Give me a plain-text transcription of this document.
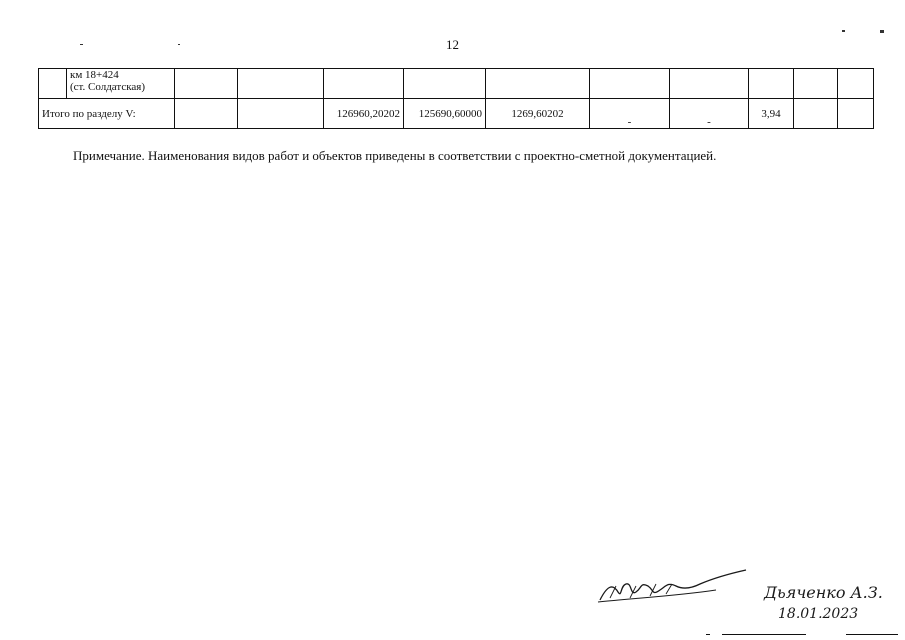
12
	км 18+424
(ст. Солдатская)										
Итого по разделу V:				126960,20202	125690,60000	1269,60202	-	-	3,94		
Примечание. Наименования видов работ и объектов приведены в соответствии с проектно-сметной документацией.
Дьяченко А.З.
18.01.2023
